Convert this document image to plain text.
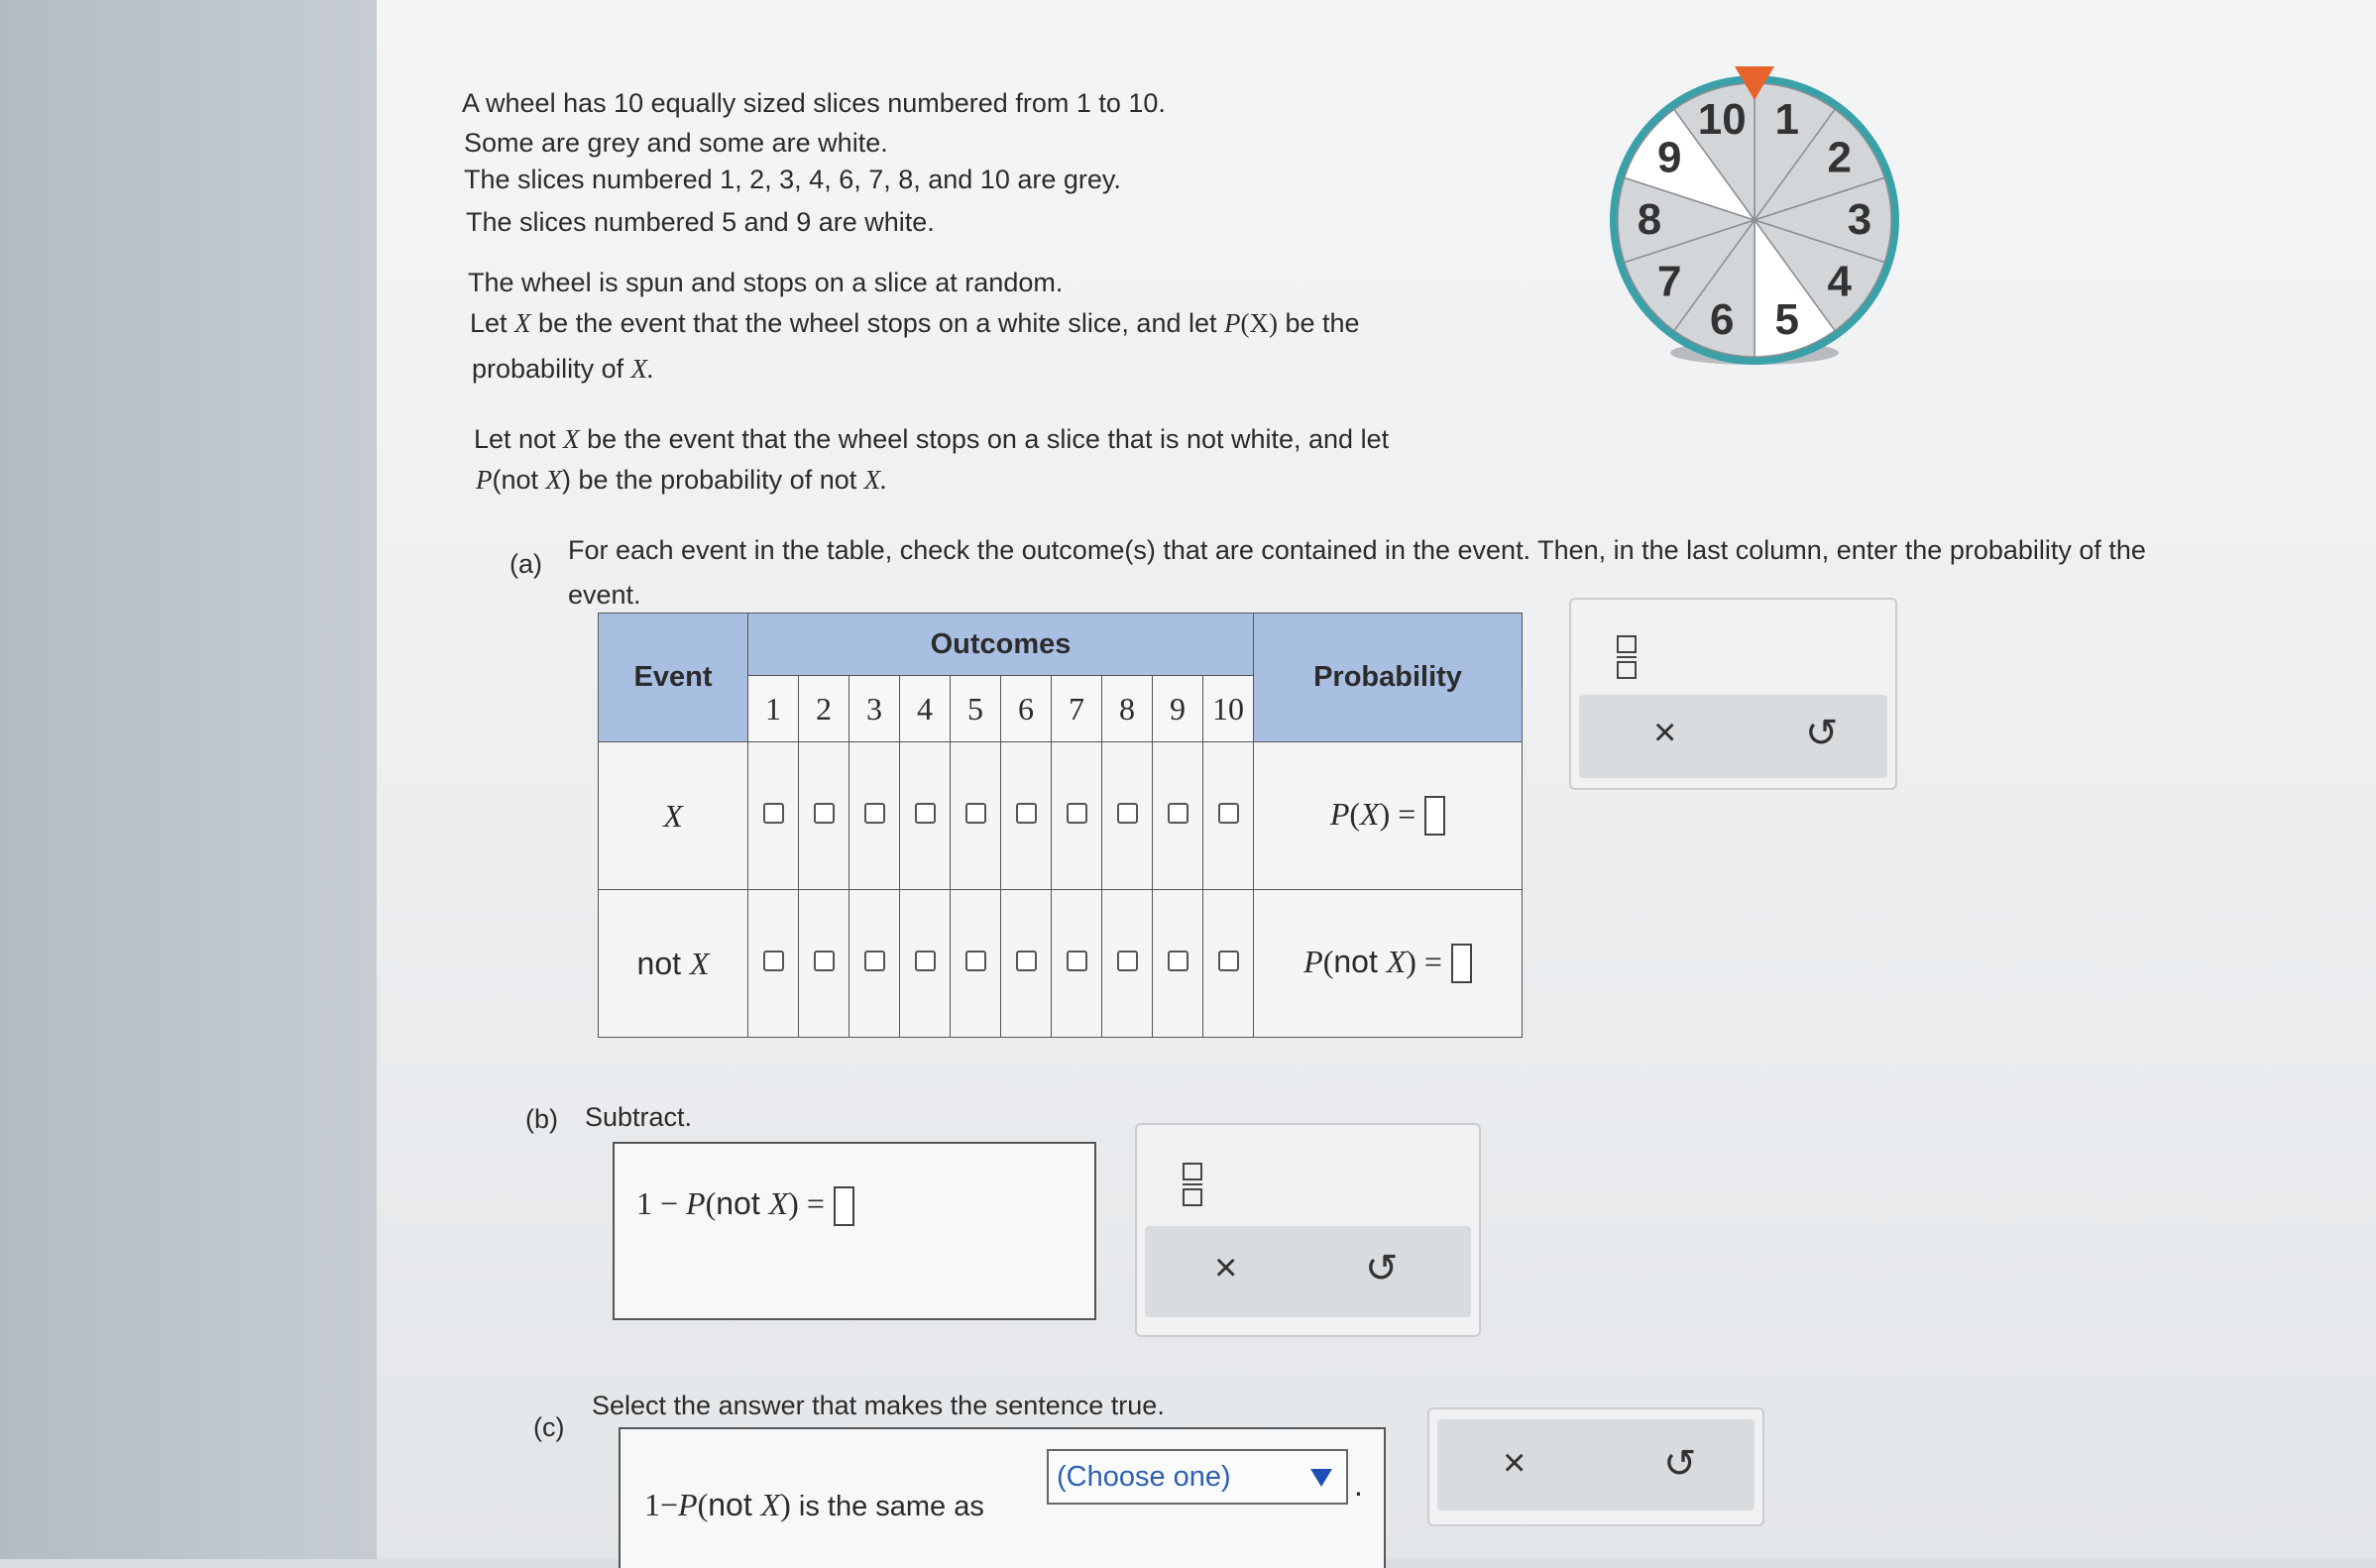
A wheel has 10 equally sized slices numbered from 1 to 10.
Some are grey and some are white.
The slices numbered 1, 2, 3, 4, 6, 7, 8, and 10 are grey.
The slices numbered 5 and 9 are white.
The wheel is spun and stops on a slice at random.
Let X be the event that the wheel stops on a white slice, and let P(X) be the
probability of X.
Let not X be the event that the wheel stops on a slice that is not white, and let
P(not X) be the probability of not X.
1
2
3
4
5
6
7
8
9
10
(a) For each event in the table, check the outcome(s) that are contained in the event. Then, in the last column, enter the probability of the
event.
Event	Outcomes										Probability
	1	2	3	4	5	6	7	8	9	10	
X											P(X) =
not X											P(not X) =
×	↺
(b) Subtract.
1 − P(not X) =
×	↺
(c)
Select the answer that makes the sentence true.
1−P(not X) is the same as
(Choose one)	.	×	↺
